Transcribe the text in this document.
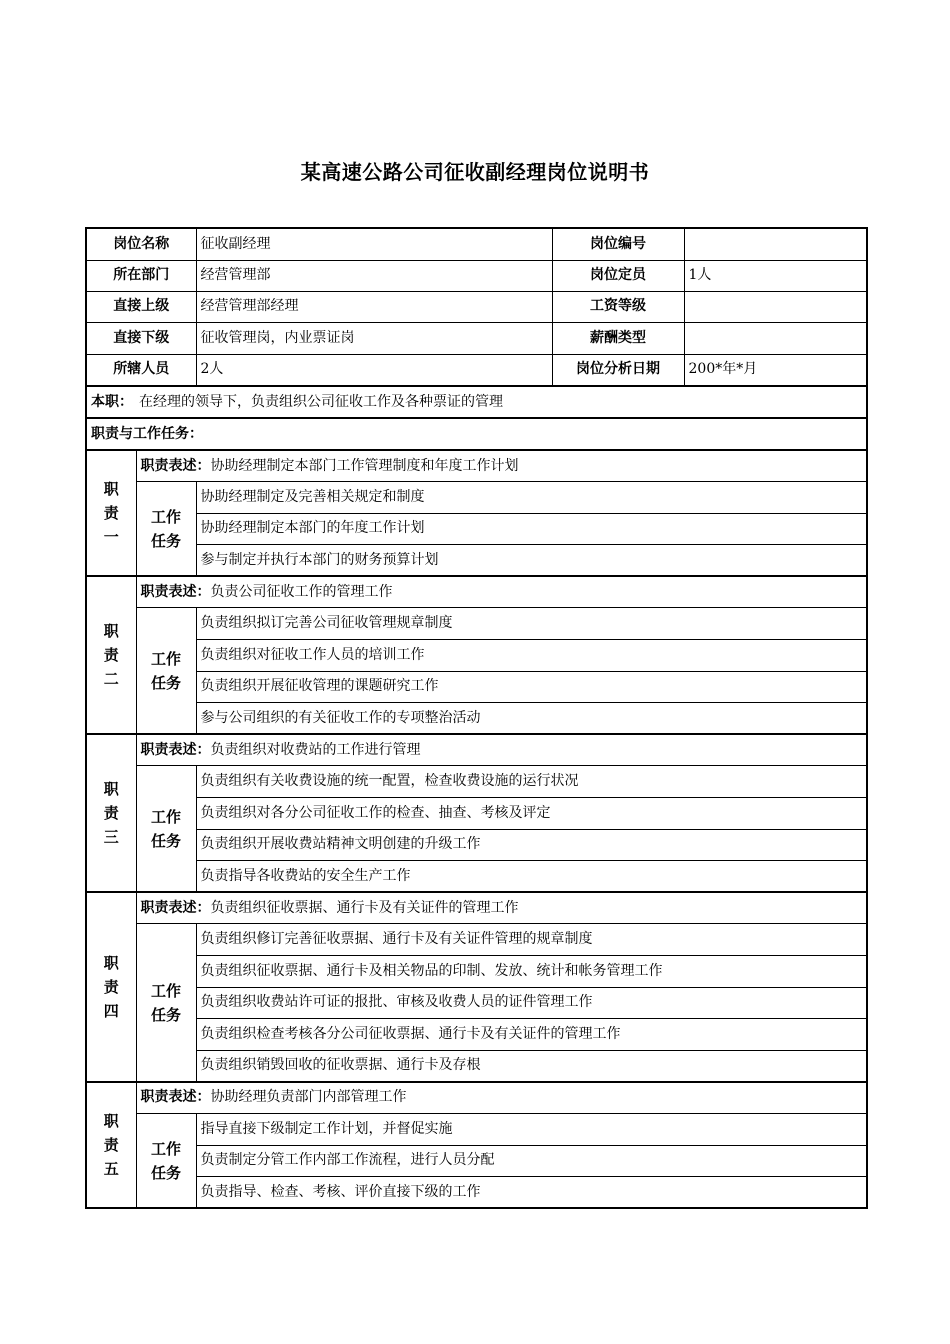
某高速公路公司征收副经理岗位说明书
岗位名称		征收副经理	岗位编号	
所在部门		经营管理部	岗位定员	1人
直接上级		经营管理部经理	工资等级	
直接下级		征收管理岗，内业票证岗	薪酬类型	
所辖人员		2人	岗位分析日期	200*年*月
本职： 在经理的领导下，负责组织公司征收工作及各种票证的管理				
职责与工作任务：				

职
责
一	职责表述：协助经理制定本部门工作管理制度和年度工作计划			

	工作
任务	协助经理制定及完善相关规定和制度		
		协助经理制定本部门的年度工作计划		
		参与制定并执行本部门的财务预算计划		

职
责
二	职责表述：负责公司征收工作的管理工作			

	工作
任务	负责组织拟订完善公司征收管理规章制度		
		负责组织对征收工作人员的培训工作		
		负责组织开展征收管理的课题研究工作		
		参与公司组织的有关征收工作的专项整治活动		

职
责
三	职责表述：负责组织对收费站的工作进行管理			

	工作
任务	负责组织有关收费设施的统一配置，检查收费设施的运行状况		
		负责组织对各分公司征收工作的检查、抽查、考核及评定		
		负责组织开展收费站精神文明创建的升级工作		
		负责指导各收费站的安全生产工作		

职
责
四	职责表述：负责组织征收票据、通行卡及有关证件的管理工作			

	工作
任务	负责组织修订完善征收票据、通行卡及有关证件管理的规章制度		
		负责组织征收票据、通行卡及相关物品的印制、发放、统计和帐务管理工作		
		负责组织收费站许可证的报批、审核及收费人员的证件管理工作		
		负责组织检查考核各分公司征收票据、通行卡及有关证件的管理工作		
		负责组织销毁回收的征收票据、通行卡及存根		

职
责
五	职责表述：协助经理负责部门内部管理工作			

	工作
任务	指导直接下级制定工作计划，并督促实施		
		负责制定分管工作内部工作流程，进行人员分配		
		负责指导、检查、考核、评价直接下级的工作		
